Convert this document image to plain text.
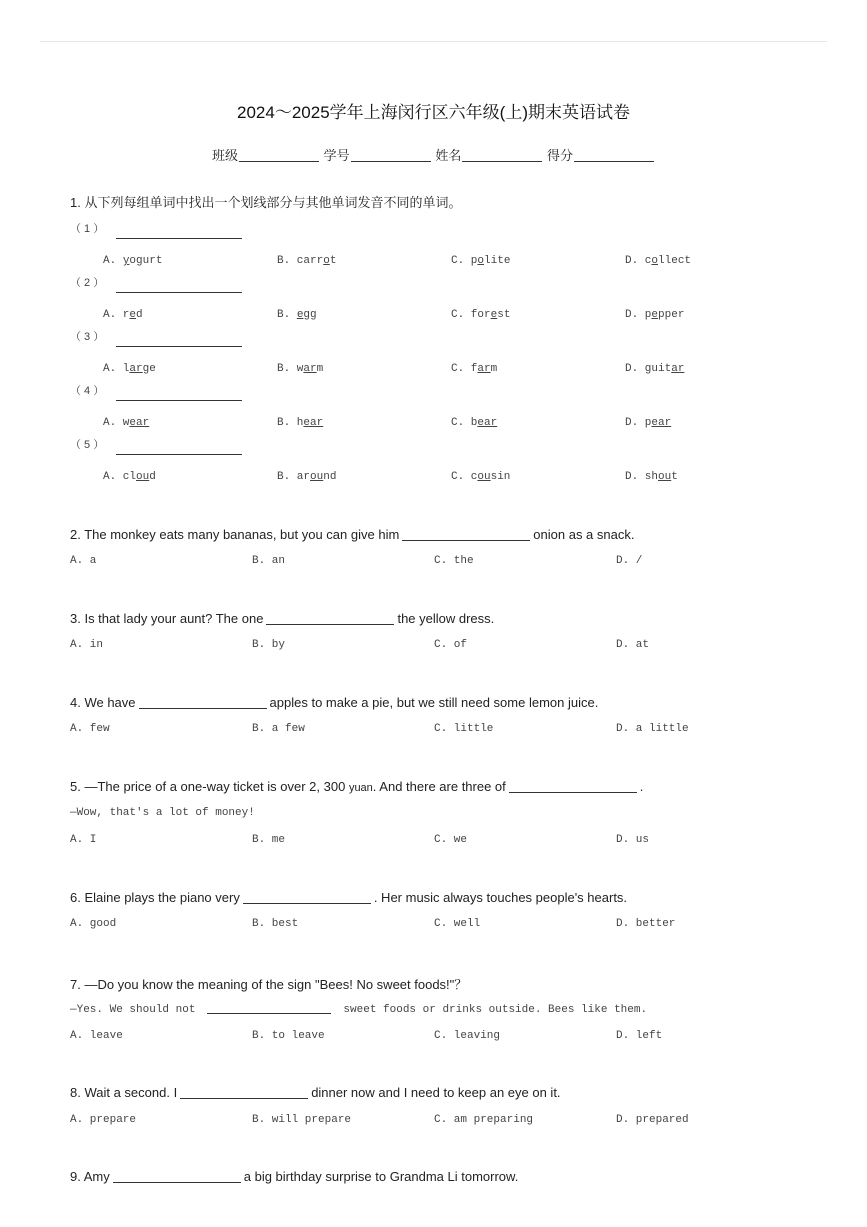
2024～2025学年上海闵行区六年级(上)期末英语试卷
班级	学号	姓名	得分
1. 从下列每组单词中找出一个划线部分与其他单词发音不同的单词。
（ 1 ）
A. yogurt	B. carrot	C. polite	D. collect
（ 2 ）
A. red	B. egg	C. forest	D. pepper
（ 3 ）
A. large	B. warm	C. farm	D. guitar
（ 4 ）
A. wear	B. hear	C. bear	D. pear
（ 5 ）
A. cloud	B. around	C. cousin	D. shout
2. The monkey eats many bananas, but you can give him	onion as a snack.
A. a	B. an	C. the	D. /
3. Is that lady your aunt? The one	the yellow dress.
A. in	B. by	C. of	D. at
4. We have	apples to make a pie, but we still need some lemon juice.
A. few	B. a few	C. little	D. a little
5. —The price of a one-way ticket is over 2, 300 yuan. And there are three of	.
—Wow, that's a lot of money!
A. I	B. me	C. we	D. us
6. Elaine plays the piano very	. Her music always touches people's hearts.
A. good	B. best	C. well	D. better
7. —Do you know the meaning of the sign "Bees! No sweet foods!"？
—Yes. We should not	sweet foods or drinks outside. Bees like them.
A. leave	B. to leave	C. leaving	D. left
8. Wait a second. I	dinner now and I need to keep an eye on it.
A. prepare	B. will prepare	C. am preparing	D. prepared
9. Amy	a big birthday surprise to Grandma Li tomorrow.
